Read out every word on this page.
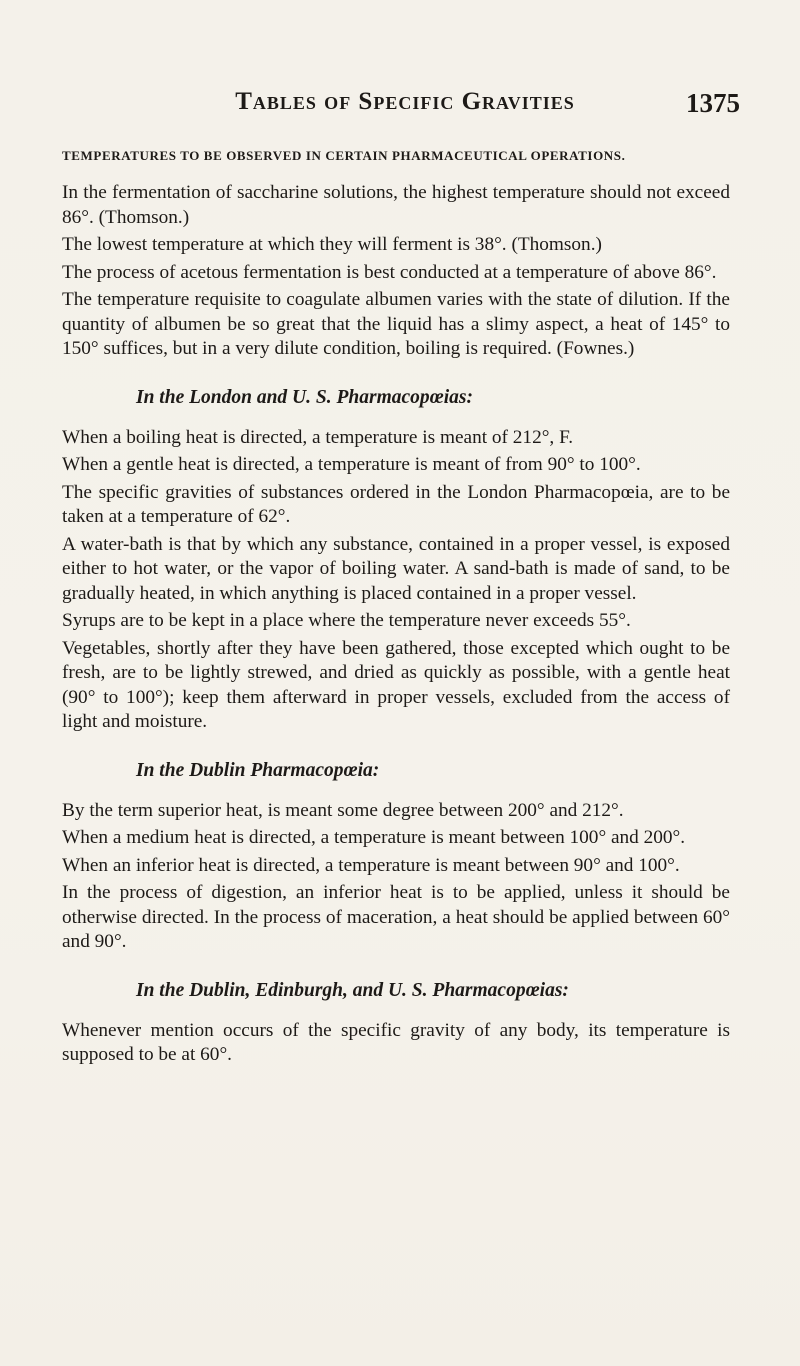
Tables of Specific Gravities	1375
TEMPERATURES TO BE OBSERVED IN CERTAIN PHARMACEUTICAL OPERATIONS.

In the fermentation of saccharine solutions, the highest temperature should not exceed 86°. (Thomson.)

The lowest temperature at which they will ferment is 38°. (Thomson.)

The process of acetous fermentation is best conducted at a temperature of above 86°.

The temperature requisite to coagulate albumen varies with the state of dilution. If the quantity of albumen be so great that the liquid has a slimy aspect, a heat of 145° to 150° suffices, but in a very dilute condition, boiling is required. (Fownes.)

In the London and U. S. Pharmacopœias:

When a boiling heat is directed, a temperature is meant of 212°, F.

When a gentle heat is directed, a temperature is meant of from 90° to 100°.

The specific gravities of substances ordered in the London Pharmacopœia, are to be taken at a temperature of 62°.

A water-bath is that by which any substance, contained in a proper vessel, is exposed either to hot water, or the vapor of boiling water. A sand-bath is made of sand, to be gradually heated, in which anything is placed contained in a proper vessel.

Syrups are to be kept in a place where the temperature never exceeds 55°.

Vegetables, shortly after they have been gathered, those excepted which ought to be fresh, are to be lightly strewed, and dried as quickly as possible, with a gentle heat (90° to 100°); keep them afterward in proper vessels, excluded from the access of light and moisture.

In the Dublin Pharmacopœia:

By the term superior heat, is meant some degree between 200° and 212°.

When a medium heat is directed, a temperature is meant between 100° and 200°.

When an inferior heat is directed, a temperature is meant between 90° and 100°.

In the process of digestion, an inferior heat is to be applied, unless it should be otherwise directed. In the process of maceration, a heat should be applied between 60° and 90°.

In the Dublin, Edinburgh, and U. S. Pharmacopœias:

Whenever mention occurs of the specific gravity of any body, its temperature is supposed to be at 60°.
